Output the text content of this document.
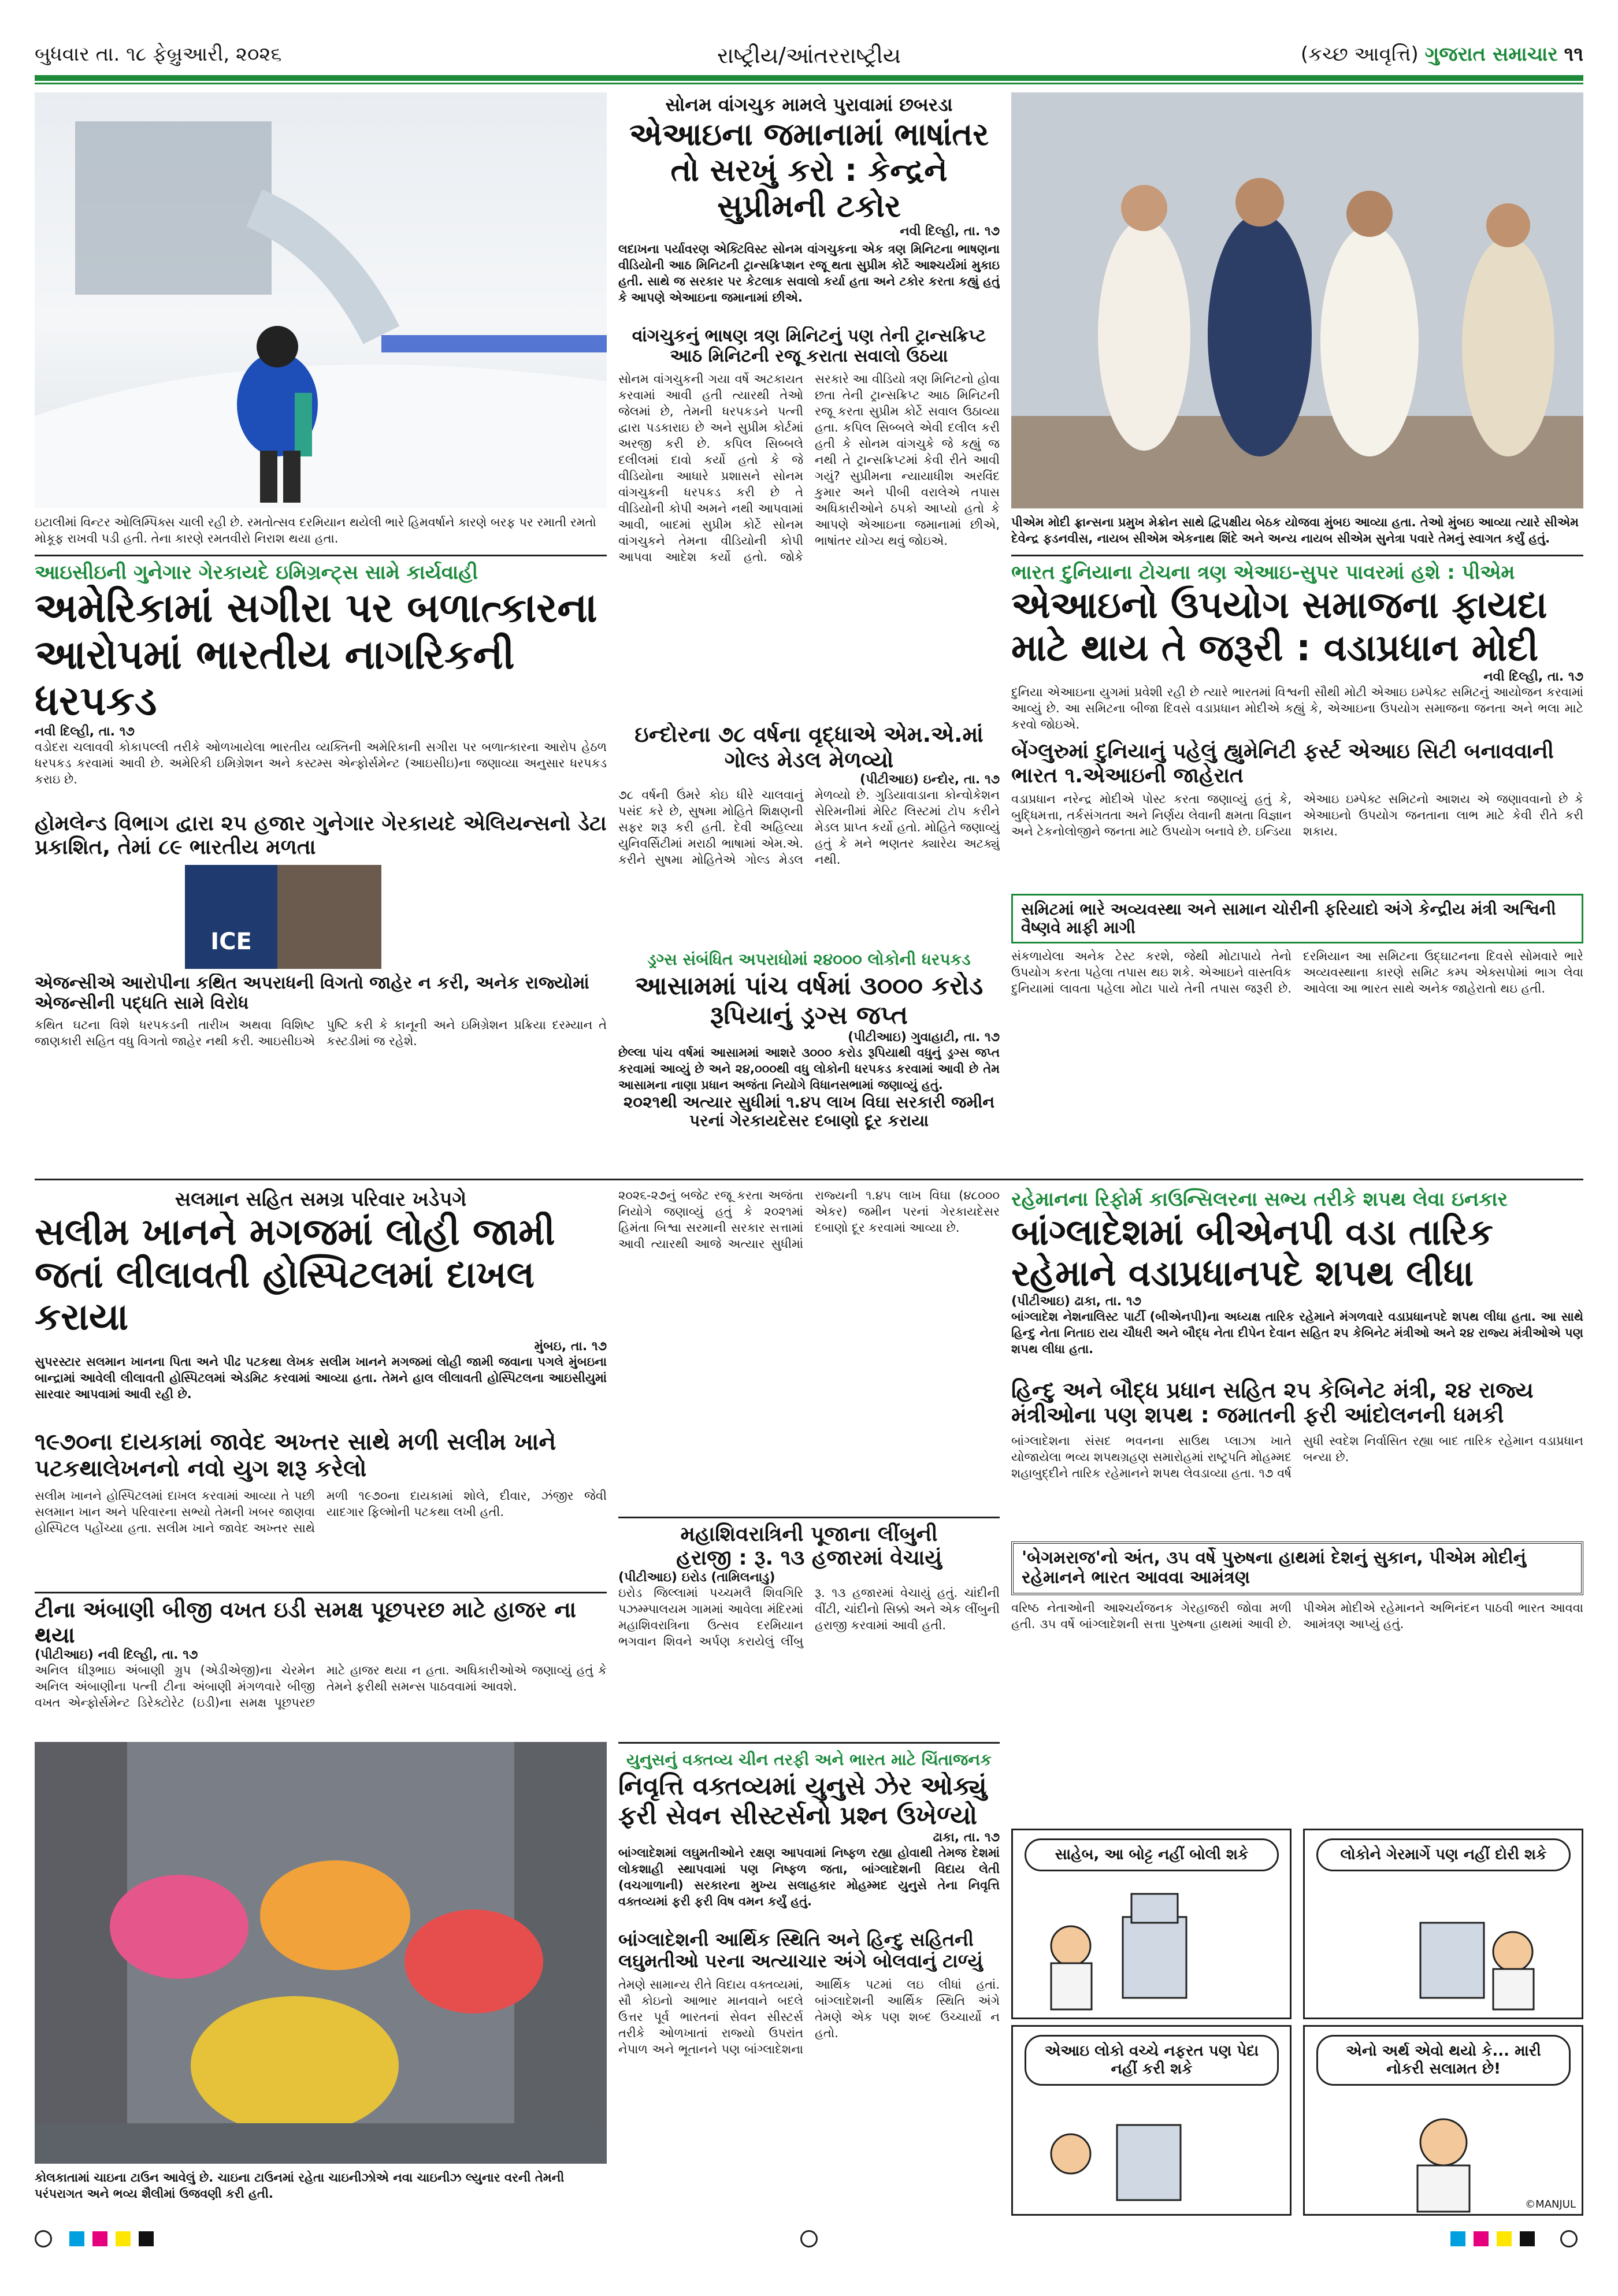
બુધવાર તા. ૧૮ ફેબ્રુઆરી, ૨૦૨૬	રાષ્ટ્રીય/આંતરરાષ્ટ્રીય	(કચ્છ આવૃત્તિ) ગુજરાત સમાચાર ૧૧
ઇટાલીમાં વિન્ટર ઓલિમ્પિક્સ ચાલી રહી છે. રમતોત્સવ દરમિયાન થયેલી ભારે હિમવર્ષાને કારણે બરફ પર રમાતી રમતો મોકૂફ રાખવી પડી હતી. તેના કારણે રમતવીરો નિરાશ થયા હતા.
સોનમ વાંગચુક મામલે પુરાવામાં છબરડા
એઆઇના જમાનામાં ભાષાંતર તો સરખું કરો : કેન્દ્રને સુપ્રીમની ટકોર
નવી દિલ્હી, તા. ૧૭
લદાખના પર્યાવરણ એક્ટિવિસ્ટ સોનમ વાંગચુકના એક ત્રણ મિનિટના ભાષણના વીડિયોની આઠ મિનિટની ટ્રાન્સક્રિપ્શન રજૂ થતા સુપ્રીમ કોર્ટે આશ્ચર્યમાં મુકાઇ હતી. સાથે જ સરકાર પર કેટલાક સવાલો કર્યા હતા અને ટકોર કરતા કહ્યું હતું કે આપણે એઆઇના જમાનામાં છીએ.
વાંગચુકનું ભાષણ ત્રણ મિનિટનું પણ તેની ટ્રાન્સક્રિપ્ટ આઠ મિનિટની રજૂ કરાતા સવાલો ઉઠયા
સોનમ વાંગચુકની ગયા વર્ષે અટકાયત કરવામાં આવી હતી ત્યારથી તેઓ જેલમાં છે, તેમની ધરપકડને પત્ની દ્વારા પડકારાઇ છે અને સુપ્રીમ કોર્ટમાં અરજી કરી છે. કપિલ સિબ્બલે દલીલમાં દાવો કર્યો હતો કે જે વીડિયોના આધારે પ્રશાસને સોનમ વાંગચુકની ધરપકડ કરી છે તે વીડિયોની કોપી અમને નથી આપવામાં આવી, બાદમાં સુપ્રીમ કોર્ટે સોનમ વાંગચુકને તેમના વીડિયોની કોપી આપવા આદેશ કર્યો હતો. જોકે સરકારે આ વીડિયો ત્રણ મિનિટનો હોવા છતા તેની ટ્રાન્સક્રિપ્ટ આઠ મિનિટની રજૂ કરતા સુપ્રીમ કોર્ટે સવાલ ઉઠાવ્યા હતા. કપિલ સિબ્બલે એવી દલીલ કરી હતી કે સોનમ વાંગચુકે જે કહ્યું જ નથી તે ટ્રાન્સક્રિપ્ટમાં કેવી રીતે આવી ગયું? સુપ્રીમના ન્યાયાધીશ અરવિંદ કુમાર અને પીબી વરાલેએ તપાસ અધિકારીઓને ઠપકો આપ્યો હતો કે આપણે એઆઇના જમાનામાં છીએ, ભાષાંતર યોગ્ય થવું જોઇએ.
પીએમ મોદી ફ્રાન્સના પ્રમુખ મેક્રોન સાથે દ્વિપક્ષીય બેઠક યોજવા મુંબઇ આવ્યા હતા. તેઓ મુંબઇ આવ્યા ત્યારે સીએમ દેવેન્દ્ર ફડનવીસ, નાયબ સીએમ એકનાથ શિંદે અને અન્ય નાયબ સીએમ સુનેત્રા પવારે તેમનું સ્વાગત કર્યું હતું.
આઇસીઇની ગુનેગાર ગેરકાયદે ઇમિગ્રન્ટ્સ સામે કાર્યવાહી
અમેરિકામાં સગીરા પર બળાત્કારના આરોપમાં ભારતીય નાગરિકની ધરપકડ
નવી દિલ્હી, તા. ૧૭
વડોદરા ચલાવવી કોકાપલ્લી તરીકે ઓળખાયેલા ભારતીય વ્યક્તિની અમેરિકાની સગીરા પર બળાત્કારના આરોપ હેઠળ ધરપકડ કરવામાં આવી છે. અમેરિકી ઇમિગ્રેશન અને કસ્ટમ્સ એન્ફોર્સમેન્ટ (આઇસીઇ)ના જણાવ્યા અનુસાર ધરપકડ કરાઇ છે.
હોમલેન્ડ વિભાગ દ્વારા ૨૫ હજાર ગુનેગાર ગેરકાયદે એલિયન્સનો ડેટા પ્રકાશિત, તેમાં ૮૯ ભારતીય મળતા
ICE
એજન્સીએ આરોપીના કથિત અપરાધની વિગતો જાહેર ન કરી, અનેક રાજ્યોમાં એજન્સીની પદ્ધતિ સામે વિરોધ
કથિત ઘટના વિશે ધરપકડની તારીખ અથવા વિશિષ્ટ જાણકારી સહિત વધુ વિગતો જાહેર નથી કરી. આઇસીઇએ પુષ્ટિ કરી કે કાનૂની અને ઇમિગ્રેશન પ્રક્રિયા દરમ્યાન તે કસ્ટડીમાં જ રહેશે.
ઇન્દોરના ૭૮ વર્ષના વૃદ્ધાએ એમ.એ.માં ગોલ્ડ મેડલ મેળવ્યો
(પીટીઆઇ) ઇન્દોર, તા. ૧૭
૭૮ વર્ષની ઉંમરે કોઇ ધીરે ચાલવાનું પસંદ કરે છે, સુષમા મોહિતે શિક્ષણની સફર શરૂ કરી હતી. દેવી અહિલ્યા યુનિવર્સિટીમાં મરાઠી ભાષામાં એમ.એ. કરીને સુષમા મોહિતેએ ગોલ્ડ મેડલ મેળવ્યો છે. ગુડિયાવાડાના કોન્વોકેશન સેરિમનીમાં મેરિટ લિસ્ટમાં ટોપ કરીને મેડલ પ્રાપ્ત કર્યો હતો. મોહિતે જણાવ્યું હતું કે મને ભણતર ક્યારેય અટક્યું નથી.
ભારત દુનિયાના ટોચના ત્રણ એઆઇ-સુપર પાવરમાં હશે : પીએમ
એઆઇનો ઉપયોગ સમાજના ફાયદા માટે થાય તે જરૂરી : વડાપ્રધાન મોદી
નવી દિલ્હી, તા. ૧૭
દુનિયા એઆઇના યુગમાં પ્રવેશી રહી છે ત્યારે ભારતમાં વિશ્વની સૌથી મોટી એઆઇ ઇમ્પેક્ટ સમિટનું આયોજન કરવામાં આવ્યું છે. આ સમિટના બીજા દિવસે વડાપ્રધાન મોદીએ કહ્યું કે, એઆઇના ઉપયોગ સમાજના જનતા અને ભલા માટે કરવો જોઇએ.
બેંગ્લુરુમાં દુનિયાનું પહેલું હ્યુમેનિટી ફર્સ્ટ એઆઇ સિટી બનાવવાની ભારત ૧.એઆઇની જાહેરાત
વડાપ્રધાન નરેન્દ્ર મોદીએ પોસ્ટ કરતા જણાવ્યું હતું કે, બુદ્ધિમત્તા, તર્કસંગતતા અને નિર્ણય લેવાની ક્ષમતા વિજ્ઞાન અને ટેકનોલોજીને જનતા માટે ઉપયોગ બનાવે છે. ઇન્ડિયા એઆઇ ઇમ્પેક્ટ સમિટનો આશય એ જણાવવાનો છે કે એઆઇનો ઉપયોગ જનતાના લાભ માટે કેવી રીતે કરી શકાય.
સમિટમાં ભારે અવ્યવસ્થા અને સામાન ચોરીની ફરિયાદો અંગે કેન્દ્રીય મંત્રી અશ્વિની વૈષ્ણવે માફી માગી
સંકળાયેલા અનેક ટેસ્ટ કરશે, જેથી મોટાપાયે તેનો ઉપયોગ કરતા પહેલા તપાસ થઇ શકે. એઆઇને વાસ્તવિક દુનિયામાં લાવતા પહેલા મોટા પાયે તેની તપાસ જરૂરી છે. દરમિયાન આ સમિટના ઉદ્ઘાટનના દિવસે સોમવારે ભારે અવ્યવસ્થાના કારણે સમિટ કમ્પ એક્સપોમાં ભાગ લેવા આવેલા આ ભારત સાથે અનેક જાહેરાતો થઇ હતી.
ડ્રગ્સ સંબંધિત અપરાધોમાં ૨૪૦૦૦ લોકોની ધરપકડ
આસામમાં પાંચ વર્ષમાં ૩૦૦૦ કરોડ રૂપિયાનું ડ્રગ્સ જપ્ત
(પીટીઆઇ) ગુવાહાટી, તા. ૧૭
છેલ્લા પાંચ વર્ષમાં આસામમાં આશરે ૩૦૦૦ કરોડ રૂપિયાથી વધુનું ડ્રગ્સ જપ્ત કરવામાં આવ્યું છે અને ૨૪,૦૦૦થી વધુ લોકોની ધરપકડ કરવામાં આવી છે તેમ આસામના નાણા પ્રધાન અજંતા નિયોગે વિધાનસભામાં જણાવ્યું હતું.
૨૦૨૧થી અત્યાર સુધીમાં ૧.૪૫ લાખ વિઘા સરકારી જમીન પરનાં ગેરકાયદેસર દબાણો દૂર કરાયા
સલમાન સહિત સમગ્ર પરિવાર ખડેપગે
સલીમ ખાનને મગજમાં લોહી જામી જતાં લીલાવતી હોસ્પિટલમાં દાખલ કરાયા
મુંબઇ, તા. ૧૭
સુપરસ્ટાર સલમાન ખાનના પિતા અને પીઢ પટકથા લેખક સલીમ ખાનને મગજમાં લોહી જામી જવાના પગલે મુંબઇના બાન્દ્રામાં આવેલી લીલાવતી હોસ્પિટલમાં એડમિટ કરવામાં આવ્યા હતા. તેમને હાલ લીલાવતી હોસ્પિટલના આઇસીયુમાં સારવાર આપવામાં આવી રહી છે.
૧૯૭૦ના દાયકામાં જાવેદ અખ્તર સાથે મળી સલીમ ખાને પટકથાલેખનનો નવો યુગ શરૂ કરેલો
સલીમ ખાનને હોસ્પિટલમાં દાખલ કરવામાં આવ્યા તે પછી સલમાન ખાન અને પરિવારના સભ્યો તેમની ખબર જાણવા હોસ્પિટલ પહોંચ્યા હતા. સલીમ ખાને જાવેદ અખ્તર સાથે મળી ૧૯૭૦ના દાયકામાં શોલે, દીવાર, ઝંજીર જેવી યાદગાર ફિલ્મોની પટકથા લખી હતી.
ટીના અંબાણી બીજી વખત ઇડી સમક્ષ પૂછપરછ માટે હાજર ના થયા
(પીટીઆઇ) નવી દિલ્હી, તા. ૧૭
અનિલ ધીરૂભાઇ અંબાણી ગ્રુપ (એડીએજી)ના ચેરમેન અનિલ અંબાણીના પત્ની ટીના અંબાણી મંગળવારે બીજી વખત એન્ફોર્સમેન્ટ ડિરેક્ટોરેટ (ઇડી)ના સમક્ષ પૂછપરછ માટે હાજર થયા ન હતા. અધિકારીઓએ જણાવ્યું હતું કે તેમને ફરીથી સમન્સ પાઠવવામાં આવશે.
૨૦૨૬-૨૭નું બજેટ રજૂ કરતા અજંતા નિયોગે જણાવ્યું હતું કે ૨૦૨૧માં હિમંતા બિશ્વા સરમાની સરકાર સત્તામાં આવી ત્યારથી આજે અત્યાર સુધીમાં રાજ્યની ૧.૪૫ લાખ વિઘા (૪૮૦૦૦ એકર) જમીન પરનાં ગેરકાયદેસર દબાણો દૂર કરવામાં આવ્યા છે.
મહાશિવરાત્રિની પૂજાના લીંબુની
હરાજી : રૂ. ૧૩ હજારમાં વેચાયું
(પીટીઆઇ) ઇરોડ (તામિલનાડુ)
ઇરોડ જિલ્લામાં પચ્ચમલૈ શિવગિરિ પઝમ્મ્પાલયમ ગામમાં આવેલા મંદિરમાં મહાશિવરાત્રિના ઉત્સવ દરમિયાન ભગવાન શિવને અર્પણ કરાયેલું લીંબુ રૂ. ૧૩ હજારમાં વેચાયું હતું. ચાંદીની વીંટી, ચાંદીનો સિક્કો અને એક લીંબુની હરાજી કરવામાં આવી હતી.
રહેમાનના રિફોર્મ કાઉન્સિલરના સભ્ય તરીકે શપથ લેવા ઇનકાર
બાંગ્લાદેશમાં બીએનપી વડા તારિક રહેમાને વડાપ્રધાનપદે શપથ લીધા
(પીટીઆઇ) ઢાકા, તા. ૧૭
બાંગ્લાદેશ નેશનાલિસ્ટ પાર્ટી (બીએનપી)ના અધ્યક્ષ તારિક રહેમાને મંગળવારે વડાપ્રધાનપદે શપથ લીધા હતા. આ સાથે હિન્દુ નેતા નિતાઇ રાય ચૌધરી અને બૌદ્ધ નેતા દીપેન દેવાન સહિત ૨૫ કેબિનેટ મંત્રીઓ અને ૨૪ રાજ્ય મંત્રીઓએ પણ શપથ લીધા હતા.
હિન્દુ અને બૌદ્ધ પ્રધાન સહિત ૨૫ કેબિનેટ મંત્રી, ૨૪ રાજ્ય મંત્રીઓના પણ શપથ : જમાતની ફરી આંદોલનની ધમકી
બાંગ્લાદેશના સંસદ ભવનના સાઉથ પ્લાઝા ખાતે યોજાયેલા ભવ્ય શપથગ્રહણ સમારોહમાં રાષ્ટ્રપતિ મોહમ્મદ શહાબુદ્દીને તારિક રહેમાનને શપથ લેવડાવ્યા હતા. ૧૭ વર્ષ સુધી સ્વદેશ નિર્વાસિત રહ્યા બાદ તારિક રહેમાન વડાપ્રધાન બન્યા છે.
'બેગમરાજ'નો અંત, ૩૫ વર્ષે પુરુષના હાથમાં દેશનું સુકાન, પીએમ મોદીનું રહેમાનને ભારત આવવા આમંત્રણ
વરિષ્ઠ નેતાઓની આશ્ચર્યજનક ગેરહાજરી જોવા મળી હતી. ૩૫ વર્ષે બાંગ્લાદેશની સત્તા પુરુષના હાથમાં આવી છે. પીએમ મોદીએ રહેમાનને અભિનંદન પાઠવી ભારત આવવા આમંત્રણ આપ્યું હતું.
કોલકાતામાં ચાઇના ટાઉન આવેલું છે. ચાઇના ટાઉનમાં રહેતા ચાઇનીઝોએ નવા ચાઇનીઝ લ્યુનાર વરની તેમની પરંપરાગત અને ભવ્ય શૈલીમાં ઉજવણી કરી હતી.
યુનુસનું વક્તવ્ય ચીન તરફી અને ભારત માટે ચિંતાજનક
નિવૃત્તિ વક્તવ્યમાં યુનુસે ઝેર ઓક્યું ફરી સેવન સીસ્ટર્સનો પ્રશ્ન ઉખેળ્યો
ઢાકા, તા. ૧૭
બાંગ્લાદેશમાં લઘુમતીઓને રક્ષણ આપવામાં નિષ્ફળ રહ્યા હોવાથી તેમજ દેશમાં લોકશાહી સ્થાપવામાં પણ નિષ્ફળ જતા, બાંગ્લાદેશની વિદાય લેતી (વચગાળાની) સરકારના મુખ્ય સલાહકાર મોહમ્મદ યુનુસે તેના નિવૃત્તિ વક્તવ્યમાં ફરી ફરી વિષ વમન કર્યું હતું.
બાંગ્લાદેશની આર્થિક સ્થિતિ અને હિન્દુ સહિતની લઘુમતીઓ પરના અત્યાચાર અંગે બોલવાનું ટાળ્યું
તેમણે સામાન્ય રીતે વિદાય વક્તવ્યમાં, સૌ કોઇનો આભાર માનવાને બદલે ઉત્તર પૂર્વ ભારતનાં સેવન સીસ્ટર્સ તરીકે ઓળખાતાં રાજ્યો ઉપરાંત નેપાળ અને ભૂતાનને પણ બાંગ્લાદેશના આર્થિક પટમાં લઇ લીધાં હતાં. બાંગ્લાદેશની આર્થિક સ્થિતિ અંગે તેમણે એક પણ શબ્દ ઉચ્ચાર્યો ન હતો.
સાહેબ, આ બોટ્ટ નહીં બોલી શકે	લોકોને ગેરમાર્ગે પણ નહીં દોરી શકે
એઆઇ લોકો વચ્ચે નફરત પણ પેદા નહીં કરી શકે
એનો અર્થ એવો થયો કે... મારી નોકરી સલામત છે!
©MANJUL
